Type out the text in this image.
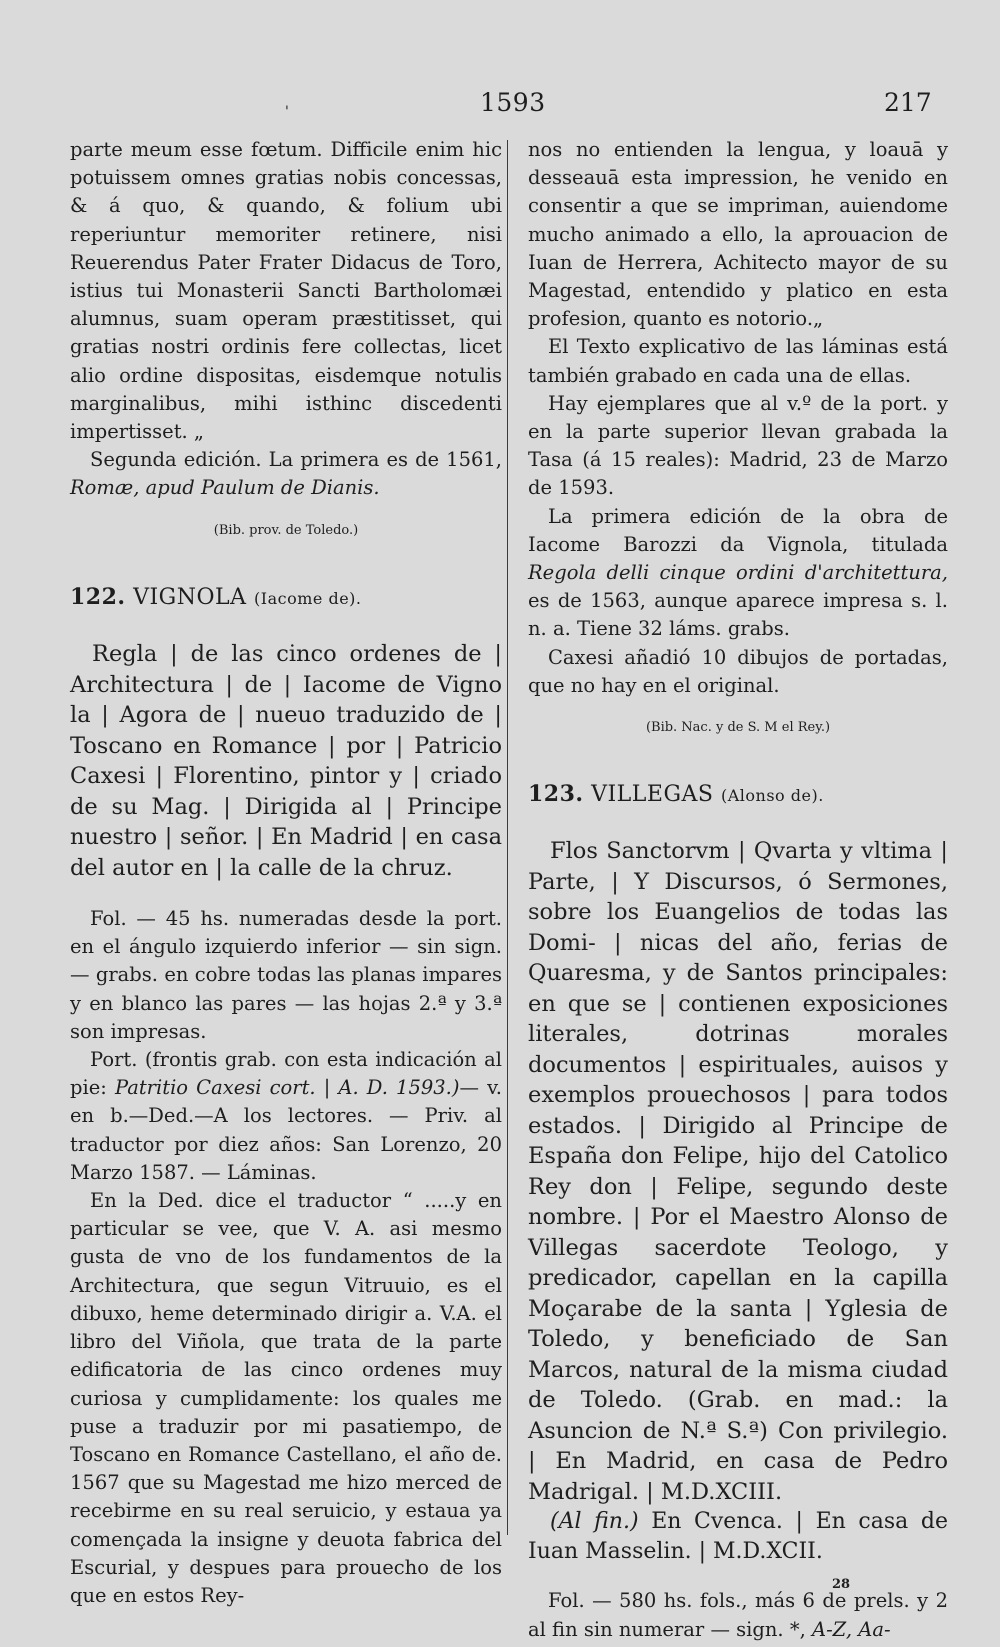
'	1593	217

parte meum esse fœtum. Difficile enim hic potuissem omnes gratias nobis concessas, & á quo, & quando, & folium ubi reperiuntur memoriter retinere, nisi Reuerendus Pater Frater Didacus de Toro, istius tui Monasterii Sancti Bartholomæi alumnus, suam operam præstitisset, qui gratias nostri ordinis fere collectas, licet alio ordine dispositas, eisdemque notulis marginalibus, mihi isthinc discedenti impertisset. „

Segunda edición. La primera es de 1561, Romæ, apud Paulum de Dianis.

(Bib. prov. de Toledo.)
122. VIGNOLA (Iacome de).

Regla | de las cinco ordenes de | Architectura | de | Iacome de Vigno la | Agora de | nueuo traduzido de | Toscano en Romance | por | Patricio Caxesi | Florentino, pintor y | criado de su Mag. | Dirigida al | Principe nuestro | señor. | En Madrid | en casa del autor en | la calle de la chruz.

Fol. — 45 hs. numeradas desde la port. en el ángulo izquierdo inferior — sin sign. — grabs. en cobre todas las planas impares y en blanco las pares — las hojas 2.ª y 3.ª son impresas.

Port. (frontis grab. con esta indicación al pie: Patritio Caxesi cort. | A. D. 1593.)— v. en b.—Ded.—A los lectores. — Priv. al traductor por diez años: San Lorenzo, 20 Marzo 1587. — Láminas.

En la Ded. dice el traductor “ .....y en particular se vee, que V. A. asi mesmo gusta de vno de los fundamentos de la Architectura, que segun Vitruuio, es el dibuxo, heme determinado dirigir a. V.A. el libro del Viñola, que trata de la parte edificatoria de las cinco ordenes muy curiosa y cumplidamente: los quales me puse a traduzir por mi pasatiempo, de Toscano en Romance Castellano, el año de. 1567 que su Magestad me hizo merced de recebirme en su real seruicio, y estaua ya començada la insigne y deuota fabrica del Escurial, y despues para prouecho de los que en estos Rey-

nos no entienden la lengua, y loauā y desseauā esta impression, he venido en consentir a que se impriman, auiendome mucho animado a ello, la aprouacion de Iuan de Herrera, Achitecto mayor de su Magestad, entendido y platico en esta profesion, quanto es notorio.„

El Texto explicativo de las láminas está también grabado en cada una de ellas.

Hay ejemplares que al v.º de la port. y en la parte superior llevan grabada la Tasa (á 15 reales): Madrid, 23 de Marzo de 1593.

La primera edición de la obra de Iacome Barozzi da Vignola, titulada Regola delli cinque ordini d'architettura, es de 1563, aunque aparece impresa s. l. n. a. Tiene 32 láms. grabs.

Caxesi añadió 10 dibujos de portadas, que no hay en el original.

(Bib. Nac. y de S. M el Rey.)
123. VILLEGAS (Alonso de).

Flos Sanctorvm | Qvarta y vltima | Parte, | Y Discursos, ó Sermones, sobre los Euangelios de todas las Domi- | nicas del año, ferias de Quaresma, y de Santos principales: en que se | contienen exposiciones literales, dotrinas morales documentos | espirituales, auisos y exemplos prouechosos | para todos estados. | Dirigido al Principe de España don Felipe, hijo del Catolico Rey don | Felipe, segundo deste nombre. | Por el Maestro Alonso de Villegas sacerdote Teologo, y predicador, capellan en la capilla Moçarabe de la santa | Yglesia de Toledo, y beneficiado de San Marcos, natural de la misma ciudad de Toledo. (Grab. en mad.: la Asuncion de N.ª S.ª) Con privilegio. | En Madrid, en casa de Pedro Madrigal. | M.D.XCIII.

(Al fin.) En Cvenca. | En casa de Iuan Masselin. | M.D.XCII.

Fol. — 580 hs. fols., más 6 de prels. y 2 al fin sin numerar — sign. *, A-Z, Aa-

28
